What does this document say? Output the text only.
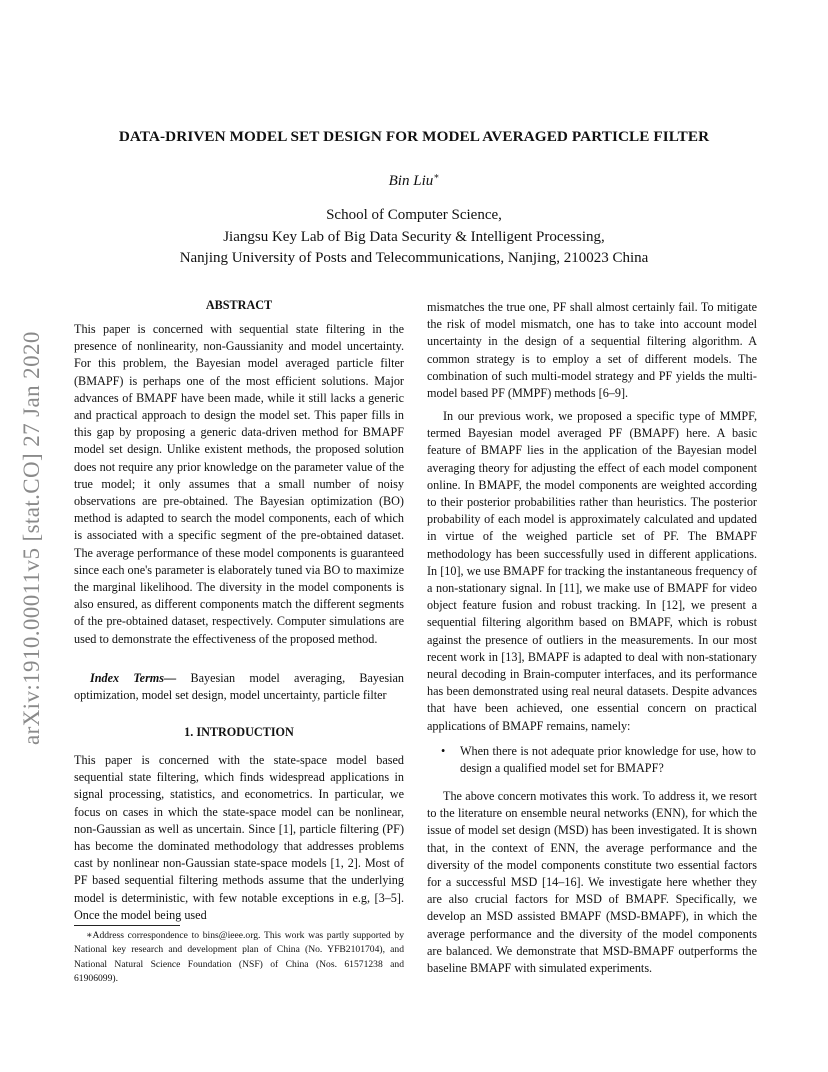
DATA-DRIVEN MODEL SET DESIGN FOR MODEL AVERAGED PARTICLE FILTER
Bin Liu∗
School of Computer Science,
Jiangsu Key Lab of Big Data Security & Intelligent Processing,
Nanjing University of Posts and Telecommunications, Nanjing, 210023 China
arXiv:1910.00011v5 [stat.CO] 27 Jan 2020
ABSTRACT

This paper is concerned with sequential state filtering in the presence of nonlinearity, non-Gaussianity and model uncertainty. For this problem, the Bayesian model averaged particle filter (BMAPF) is perhaps one of the most efficient solutions. Major advances of BMAPF have been made, while it still lacks a generic and practical approach to design the model set. This paper fills in this gap by proposing a generic data-driven method for BMAPF model set design. Unlike existent methods, the proposed solution does not require any prior knowledge on the parameter value of the true model; it only assumes that a small number of noisy observations are pre-obtained. The Bayesian optimization (BO) method is adapted to search the model components, each of which is associated with a specific segment of the pre-obtained dataset. The average performance of these model components is guaranteed since each one's parameter is elaborately tuned via BO to maximize the marginal likelihood. The diversity in the model components is also ensured, as different components match the different segments of the pre-obtained dataset, respectively. Computer simulations are used to demonstrate the effectiveness of the proposed method.

Index Terms— Bayesian model averaging, Bayesian optimization, model set design, model uncertainty, particle filter

1. INTRODUCTION

This paper is concerned with the state-space model based sequential state filtering, which finds widespread applications in signal processing, statistics, and econometrics. In particular, we focus on cases in which the state-space model can be nonlinear, non-Gaussian as well as uncertain. Since [1], particle filtering (PF) has become the dominated methodology that addresses problems cast by nonlinear non-Gaussian state-space models [1, 2]. Most of PF based sequential filtering methods assume that the underlying model is deterministic, with few notable exceptions in e.g, [3–5]. Once the model being used

∗Address correspondence to bins@ieee.org. This work was partly supported by National key research and development plan of China (No. YFB2101704), and National Natural Science Foundation (NSF) of China (Nos. 61571238 and 61906099).

mismatches the true one, PF shall almost certainly fail. To mitigate the risk of model mismatch, one has to take into account model uncertainty in the design of a sequential filtering algorithm. A common strategy is to employ a set of different models. The combination of such multi-model strategy and PF yields the multi-model based PF (MMPF) methods [6–9].

In our previous work, we proposed a specific type of MMPF, termed Bayesian model averaged PF (BMAPF) here. A basic feature of BMAPF lies in the application of the Bayesian model averaging theory for adjusting the effect of each model component online. In BMAPF, the model components are weighted according to their posterior probabilities rather than heuristics. The posterior probability of each model is approximately calculated and updated in virtue of the weighed particle set of PF. The BMAPF methodology has been successfully used in different applications. In [10], we use BMAPF for tracking the instantaneous frequency of a non-stationary signal. In [11], we make use of BMAPF for video object feature fusion and robust tracking. In [12], we present a sequential filtering algorithm based on BMAPF, which is robust against the presence of outliers in the measurements. In our most recent work in [13], BMAPF is adapted to deal with non-stationary neural decoding in Brain-computer interfaces, and its performance has been demonstrated using real neural datasets. Despite advances that have been achieved, one essential concern on practical applications of BMAPF remains, namely:

• When there is not adequate prior knowledge for use, how to design a qualified model set for BMAPF?

The above concern motivates this work. To address it, we resort to the literature on ensemble neural networks (ENN), for which the issue of model set design (MSD) has been investigated. It is shown that, in the context of ENN, the average performance and the diversity of the model components constitute two essential factors for a successful MSD [14–16]. We investigate here whether they are also crucial factors for MSD of BMAPF. Specifically, we develop an MSD assisted BMAPF (MSD-BMAPF), in which the average performance and the diversity of the model components are balanced. We demonstrate that MSD-BMAPF outperforms the baseline BMAPF with simulated experiments.
